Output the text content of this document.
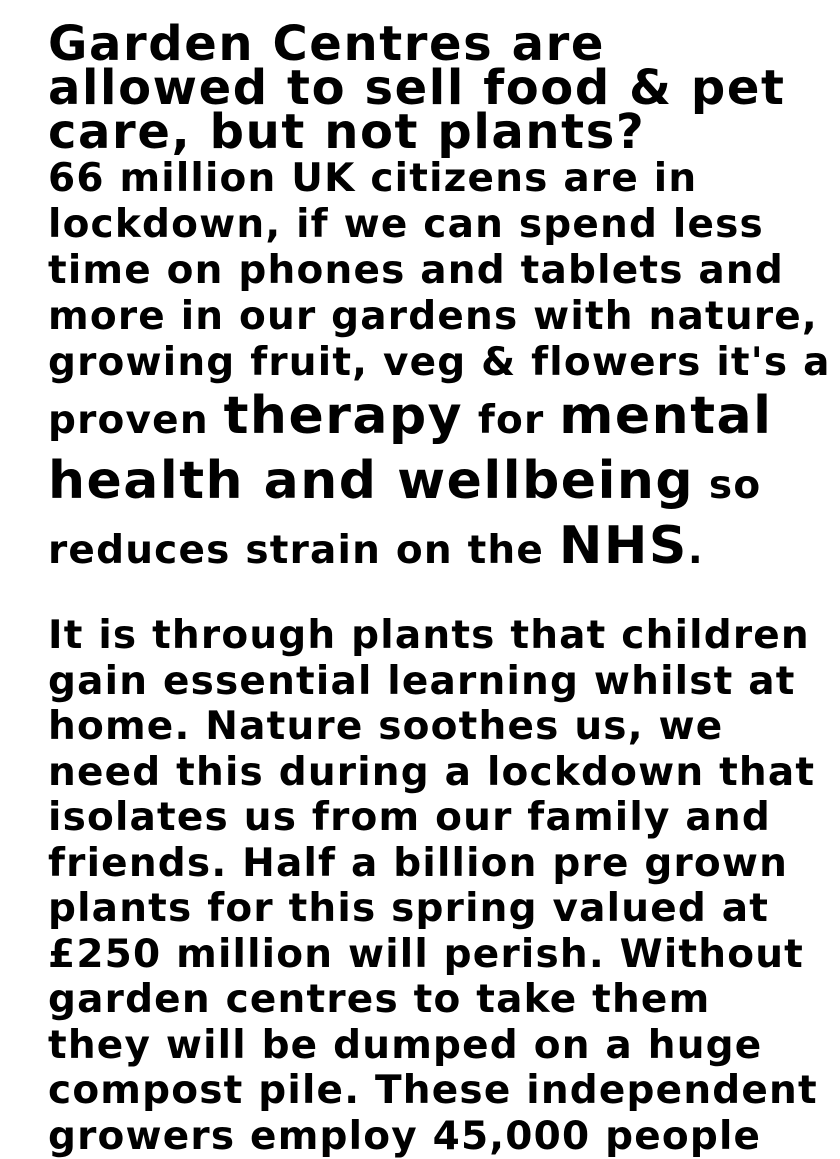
Garden Centres are allowed to sell food & pet care, but not plants?

66 million UK citizens are in
lockdown, if we can spend less
time on phones and tablets and
more in our gardens with nature,
growing fruit, veg & flowers it's a
proven therapy for mental
health and wellbeing so
reduces strain on the NHS.

It is through plants that children
gain essential learning whilst at
home. Nature soothes us, we
need this during a lockdown that
isolates us from our family and
friends. Half a billion pre grown
plants for this spring valued at
£250 million will perish. Without
garden centres to take them
they will be dumped on a huge
compost pile. These independent
growers employ 45,000 people
